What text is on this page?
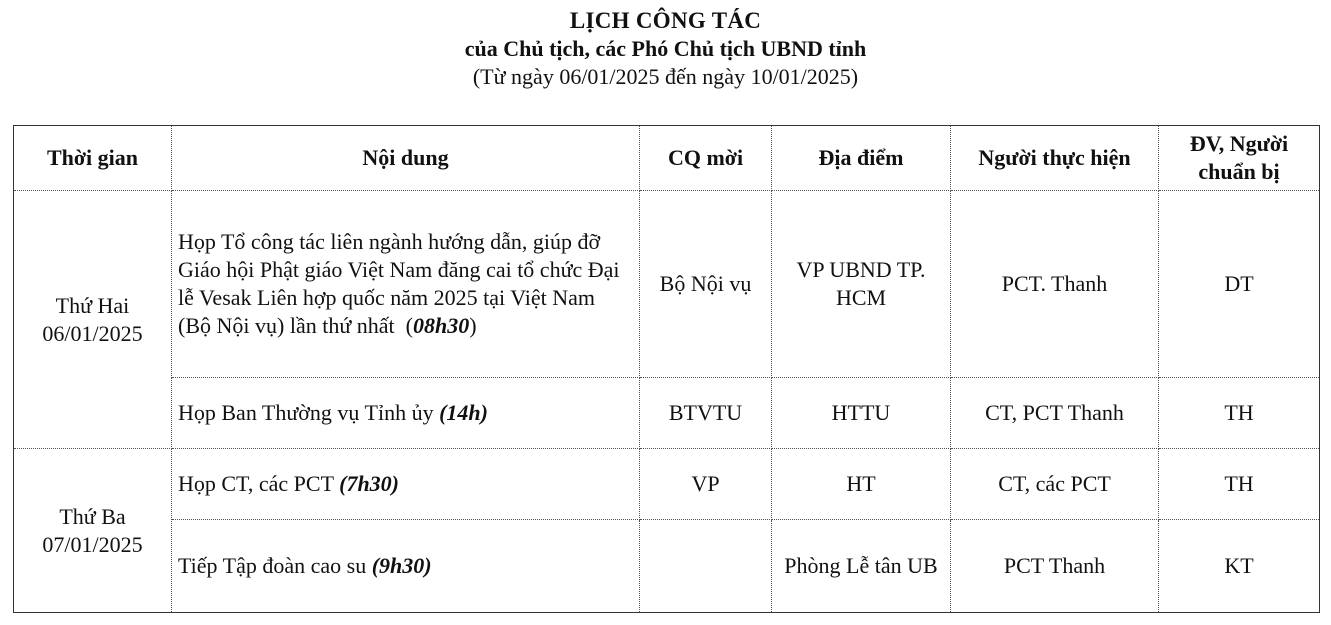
LỊCH CÔNG TÁC
của Chủ tịch, các Phó Chủ tịch UBND tỉnh
(Từ ngày 06/01/2025 đến ngày 10/01/2025)
Thời gian	Nội dung	CQ mời	Địa điểm	Người thực hiện	ĐV, Người chuẩn bị

Thứ Hai
06/01/2025	Họp Tổ công tác liên ngành hướng dẫn, giúp đỡ Giáo hội Phật giáo Việt Nam đăng cai tổ chức Đại lễ Vesak Liên hợp quốc năm 2025 tại Việt Nam (Bộ Nội vụ) lần thứ nhất  (08h30)	Bộ Nội vụ	VP UBND TP. HCM	PCT. Thanh	DT
	Họp Ban Thường vụ Tỉnh ủy (14h)	BTVTU	HTTU	CT, PCT Thanh	TH

Thứ Ba
07/01/2025	Họp CT, các PCT (7h30)	VP	HT	CT, các PCT	TH
	Tiếp Tập đoàn cao su (9h30)		Phòng Lễ tân UB	PCT Thanh	KT
